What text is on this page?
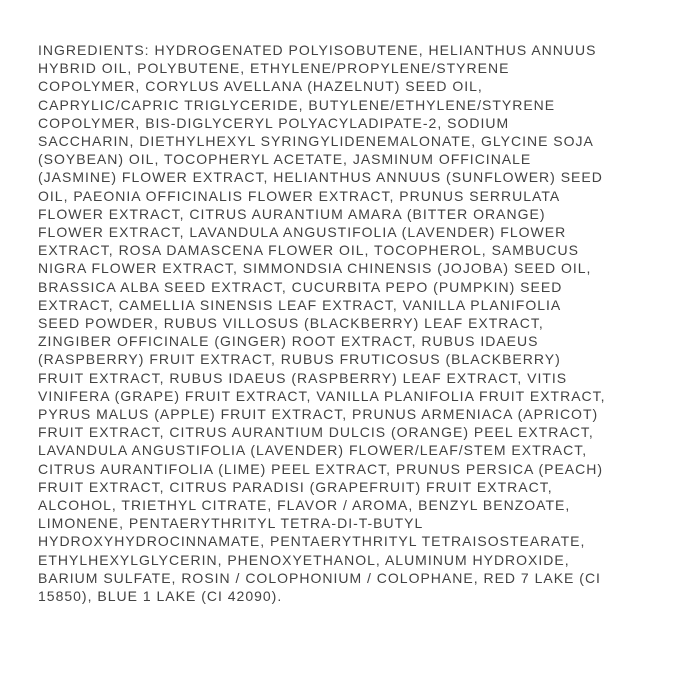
INGREDIENTS: HYDROGENATED POLYISOBUTENE, HELIANTHUS ANNUUS
HYBRID OIL, POLYBUTENE, ETHYLENE/PROPYLENE/STYRENE
COPOLYMER, CORYLUS AVELLANA (HAZELNUT) SEED OIL,
CAPRYLIC/CAPRIC TRIGLYCERIDE, BUTYLENE/ETHYLENE/STYRENE
COPOLYMER, BIS-DIGLYCERYL POLYACYLADIPATE-2, SODIUM
SACCHARIN, DIETHYLHEXYL SYRINGYLIDENEMALONATE, GLYCINE SOJA
(SOYBEAN) OIL, TOCOPHERYL ACETATE, JASMINUM OFFICINALE
(JASMINE) FLOWER EXTRACT, HELIANTHUS ANNUUS (SUNFLOWER) SEED
OIL, PAEONIA OFFICINALIS FLOWER EXTRACT, PRUNUS SERRULATA
FLOWER EXTRACT, CITRUS AURANTIUM AMARA (BITTER ORANGE)
FLOWER EXTRACT, LAVANDULA ANGUSTIFOLIA (LAVENDER) FLOWER
EXTRACT, ROSA DAMASCENA FLOWER OIL, TOCOPHEROL, SAMBUCUS
NIGRA FLOWER EXTRACT, SIMMONDSIA CHINENSIS (JOJOBA) SEED OIL,
BRASSICA ALBA SEED EXTRACT, CUCURBITA PEPO (PUMPKIN) SEED
EXTRACT, CAMELLIA SINENSIS LEAF EXTRACT, VANILLA PLANIFOLIA
SEED POWDER, RUBUS VILLOSUS (BLACKBERRY) LEAF EXTRACT,
ZINGIBER OFFICINALE (GINGER) ROOT EXTRACT, RUBUS IDAEUS
(RASPBERRY) FRUIT EXTRACT, RUBUS FRUTICOSUS (BLACKBERRY)
FRUIT EXTRACT, RUBUS IDAEUS (RASPBERRY) LEAF EXTRACT, VITIS
VINIFERA (GRAPE) FRUIT EXTRACT, VANILLA PLANIFOLIA FRUIT EXTRACT,
PYRUS MALUS (APPLE) FRUIT EXTRACT, PRUNUS ARMENIACA (APRICOT)
FRUIT EXTRACT, CITRUS AURANTIUM DULCIS (ORANGE) PEEL EXTRACT,
LAVANDULA ANGUSTIFOLIA (LAVENDER) FLOWER/LEAF/STEM EXTRACT,
CITRUS AURANTIFOLIA (LIME) PEEL EXTRACT, PRUNUS PERSICA (PEACH)
FRUIT EXTRACT, CITRUS PARADISI (GRAPEFRUIT) FRUIT EXTRACT,
ALCOHOL, TRIETHYL CITRATE, FLAVOR / AROMA, BENZYL BENZOATE,
LIMONENE, PENTAERYTHRITYL TETRA-DI-T-BUTYL
HYDROXYHYDROCINNAMATE, PENTAERYTHRITYL TETRAISOSTEARATE,
ETHYLHEXYLGLYCERIN, PHENOXYETHANOL, ALUMINUM HYDROXIDE,
BARIUM SULFATE, ROSIN / COLOPHONIUM / COLOPHANE, RED 7 LAKE (CI
15850), BLUE 1 LAKE (CI 42090).
